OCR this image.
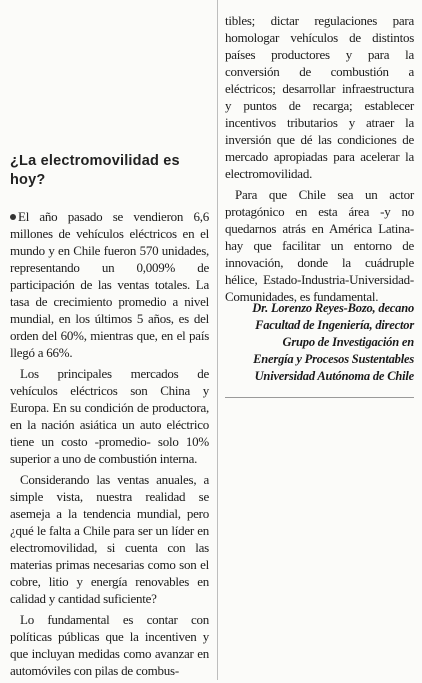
¿La electromovilidad es hoy?

El año pasado se vendieron 6,6 millones de vehículos eléctricos en el mundo y en Chile fueron 570 unidades, representando un 0,009% de participación de las ventas totales. La tasa de crecimiento promedio a nivel mundial, en los últimos 5 años, es del orden del 60%, mientras que, en el país llegó a 66%.

Los principales mercados de vehículos eléctricos son China y Europa. En su condición de productora, en la nación asiática un auto eléctrico tiene un costo -promedio- solo 10% superior a uno de combustión interna.

Considerando las ventas anuales, a simple vista, nuestra realidad se asemeja a la tendencia mundial, pero ¿qué le falta a Chile para ser un líder en electromovilidad, si cuenta con las materias primas necesarias como son el cobre, litio y energía renovables en calidad y cantidad suficiente?

Lo fundamental es contar con políticas públicas que la incentiven y que incluyan medidas como avanzar en automóviles con pilas de combus-

tibles; dictar regulaciones para homologar vehículos de distintos países productores y para la conversión de combustión a eléctricos; desarrollar infraestructura y puntos de recarga; establecer incentivos tributarios y atraer la inversión que dé las condiciones de mercado apropiadas para acelerar la electromovilidad.

Para que Chile sea un actor protagónico en esta área -y no quedarnos atrás en América Latina- hay que facilitar un entorno de innovación, donde la cuádruple hélice, Estado-Industria-Universidad-Comunidades, es fundamental.

Dr. Lorenzo Reyes-Bozo, decano
Facultad de Ingeniería, director
Grupo de Investigación en
Energía y Procesos Sustentables
Universidad Autónoma de Chile
